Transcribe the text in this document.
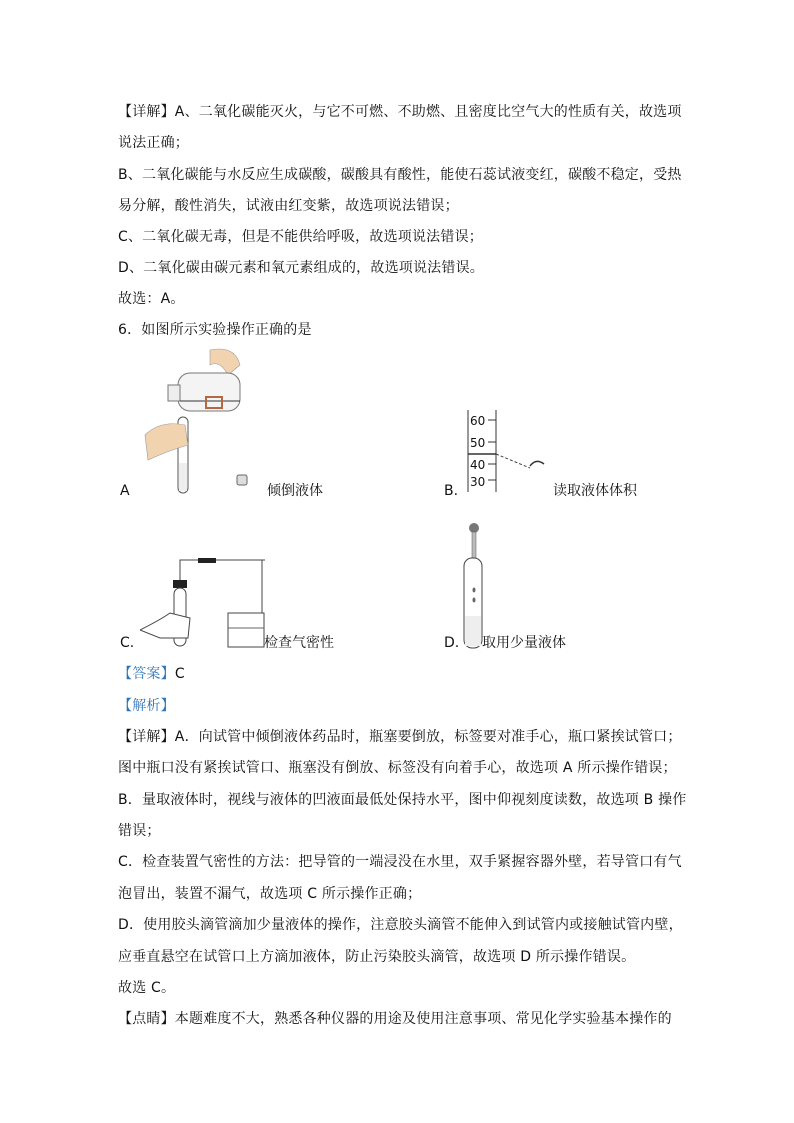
【详解】A、二氧化碳能灭火，与它不可燃、不助燃、且密度比空气大的性质有关，故选项
说法正确；
B、二氧化碳能与水反应生成碳酸，碳酸具有酸性，能使石蕊试液变红，碳酸不稳定，受热
易分解，酸性消失，试液由红变紫，故选项说法错误；
C、二氧化碳无毒，但是不能供给呼吸，故选项说法错误；
D、二氧化碳由碳元素和氧元素组成的，故选项说法错误。
故选：A。
6．如图所示实验操作正确的是
A	倾倒液体
60
50
40
30
B.	读取液体体积
C.	检查气密性	D. 取用少量液体
【答案】C
【解析】
【详解】A．向试管中倾倒液体药品时，瓶塞要倒放，标签要对准手心，瓶口紧挨试管口；
图中瓶口没有紧挨试管口、瓶塞没有倒放、标签没有向着手心，故选项 A 所示操作错误；
B．量取液体时，视线与液体的凹液面最低处保持水平，图中仰视刻度读数，故选项 B 操作
错误；
C．检查装置气密性的方法：把导管的一端浸没在水里，双手紧握容器外壁，若导管口有气
泡冒出，装置不漏气，故选项 C 所示操作正确；
D．使用胶头滴管滴加少量液体的操作，注意胶头滴管不能伸入到试管内或接触试管内壁，
应垂直悬空在试管口上方滴加液体，防止污染胶头滴管，故选项 D 所示操作错误。
故选 C。
【点睛】本题难度不大，熟悉各种仪器的用途及使用注意事项、常见化学实验基本操作的
